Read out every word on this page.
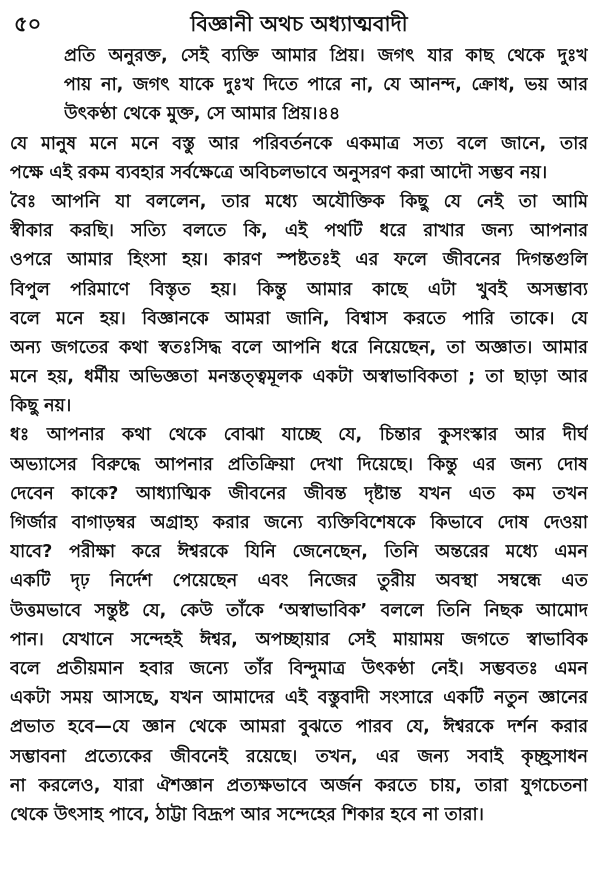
৫০	বিজ্ঞানী অথচ অধ্যাত্মবাদী
প্রতি অনুরক্ত, সেই ব্যক্তি আমার প্রিয়। জগৎ যার কাছ থেকে দুঃখ
পায় না, জগৎ যাকে দুঃখ দিতে পারে না, যে আনন্দ, ক্রোধ, ভয় আর
উৎকণ্ঠা থেকে মুক্ত, সে আমার প্রিয়।৪৪
যে মানুষ মনে মনে বস্তু আর পরিবর্তনকে একমাত্র সত্য বলে জানে, তার
পক্ষে এই রকম ব্যবহার সর্বক্ষেত্রে অবিচলভাবে অনুসরণ করা আদৌ সম্ভব নয়।
বৈঃ আপনি যা বললেন, তার মধ্যে অযৌক্তিক কিছু যে নেই তা আমি
স্বীকার করছি। সত্যি বলতে কি, এই পথটি ধরে রাখার জন্য আপনার
ওপরে আমার হিংসা হয়। কারণ স্পষ্টতঃই এর ফলে জীবনের দিগন্তগুলি
বিপুল পরিমাণে বিস্তৃত হয়। কিন্তু আমার কাছে এটা খুবই অসম্ভাব্য
বলে মনে হয়। বিজ্ঞানকে আমরা জানি, বিশ্বাস করতে পারি তাকে। যে
অন্য জগতের কথা স্বতঃসিদ্ধ বলে আপনি ধরে নিয়েছেন, তা অজ্ঞাত। আমার
মনে হয়, ধর্মীয় অভিজ্ঞতা মনস্তত্ত্বমূলক একটা অস্বাভাবিকতা ; তা ছাড়া আর
কিছু নয়।
ধঃ আপনার কথা থেকে বোঝা যাচ্ছে যে, চিন্তার কুসংস্কার আর দীর্ঘ
অভ্যাসের বিরুদ্ধে আপনার প্রতিক্রিয়া দেখা দিয়েছে। কিন্তু এর জন্য দোষ
দেবেন কাকে? আধ্যাত্মিক জীবনের জীবন্ত দৃষ্টান্ত যখন এত কম তখন
গির্জার বাগাড়ম্বর অগ্রাহ্য করার জন্যে ব্যক্তিবিশেষকে কিভাবে দোষ দেওয়া
যাবে? পরীক্ষা করে ঈশ্বরকে যিনি জেনেছেন, তিনি অন্তরের মধ্যে এমন
একটি দৃঢ় নির্দেশ পেয়েছেন এবং নিজের তুরীয় অবস্থা সম্বন্ধে এত
উত্তমভাবে সন্তুষ্ট যে, কেউ তাঁকে ‘অস্বাভাবিক’ বললে তিনি নিছক আমোদ
পান। যেখানে সন্দেহই ঈশ্বর, অপচ্ছায়ার সেই মায়াময় জগতে স্বাভাবিক
বলে প্রতীয়মান হবার জন্যে তাঁর বিন্দুমাত্র উৎকণ্ঠা নেই। সম্ভবতঃ এমন
একটা সময় আসছে, যখন আমাদের এই বস্তুবাদী সংসারে একটি নতুন জ্ঞানের
প্রভাত হবে—যে জ্ঞান থেকে আমরা বুঝতে পারব যে, ঈশ্বরকে দর্শন করার
সম্ভাবনা প্রত্যেকের জীবনেই রয়েছে। তখন, এর জন্য সবাই কৃচ্ছ্রসাধন
না করলেও, যারা ঐশজ্ঞান প্রত্যক্ষভাবে অর্জন করতে চায়, তারা যুগচেতনা
থেকে উৎসাহ পাবে, ঠাট্টা বিদ্রূপ আর সন্দেহের শিকার হবে না তারা।
